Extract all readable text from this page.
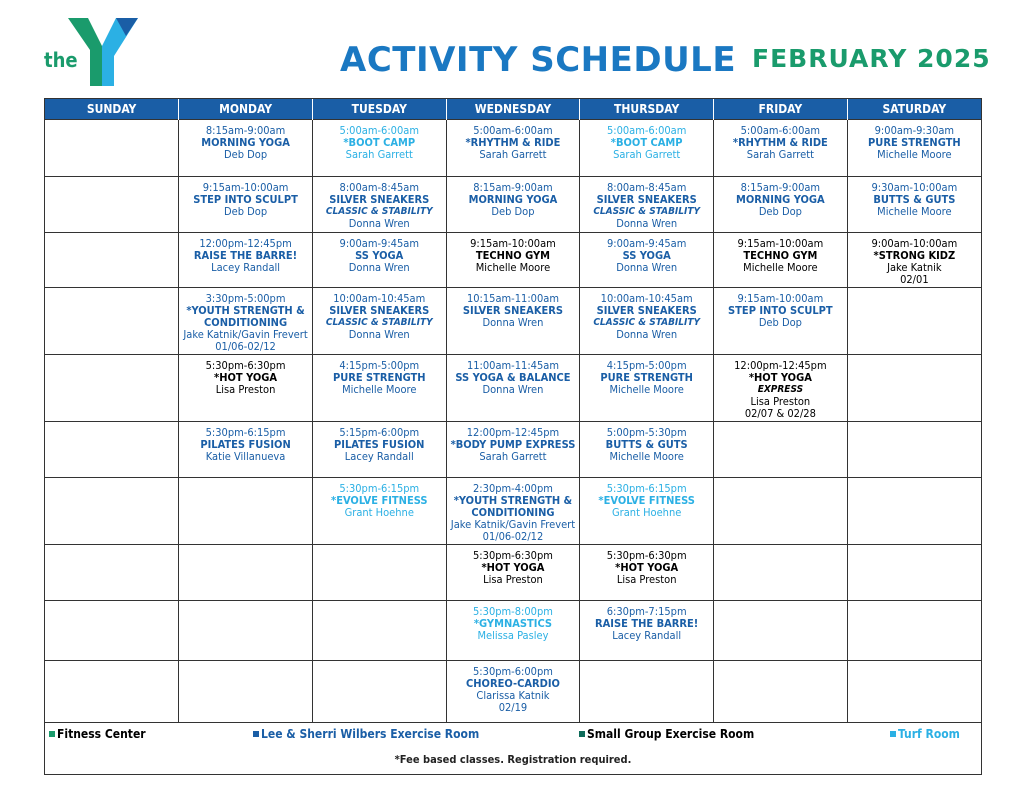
the	YMCA	ACTIVITY SCHEDULE FEBRUARY 2025
SUNDAY	MONDAY	TUESDAY	WEDNESDAY	THURSDAY	FRIDAY	SATURDAY

	8:15am-9:00am
MORNING YOGA
Deb Dop	5:00am-6:00am
*BOOT CAMP
Sarah Garrett	5:00am-6:00am
*RHYTHM & RIDE
Sarah Garrett	5:00am-6:00am
*BOOT CAMP
Sarah Garrett	5:00am-6:00am
*RHYTHM & RIDE
Sarah Garrett	9:00am-9:30am
PURE STRENGTH
Michelle Moore

	9:15am-10:00am
STEP INTO SCULPT
Deb Dop	8:00am-8:45am
SILVER SNEAKERS
CLASSIC & STABILITY
Donna Wren	8:15am-9:00am
MORNING YOGA
Deb Dop	8:00am-8:45am
SILVER SNEAKERS
CLASSIC & STABILITY
Donna Wren	8:15am-9:00am
MORNING YOGA
Deb Dop	9:30am-10:00am
BUTTS & GUTS
Michelle Moore

	12:00pm-12:45pm
RAISE THE BARRE!
Lacey Randall	9:00am-9:45am
SS YOGA
Donna Wren	9:15am-10:00am
TECHNO GYM
Michelle Moore	9:00am-9:45am
SS YOGA
Donna Wren	9:15am-10:00am
TECHNO GYM
Michelle Moore	9:00am-10:00am
*STRONG KIDZ
Jake Katnik
02/01

	3:30pm-5:00pm
*YOUTH STRENGTH & CONDITIONING
Jake Katnik/Gavin Frevert
01/06-02/12	10:00am-10:45am
SILVER SNEAKERS
CLASSIC & STABILITY
Donna Wren	10:15am-11:00am
SILVER SNEAKERS
Donna Wren	10:00am-10:45am
SILVER SNEAKERS
CLASSIC & STABILITY
Donna Wren	9:15am-10:00am
STEP INTO SCULPT
Deb Dop	

	5:30pm-6:30pm
*HOT YOGA
Lisa Preston	4:15pm-5:00pm
PURE STRENGTH
Michelle Moore	11:00am-11:45am
SS YOGA & BALANCE
Donna Wren	4:15pm-5:00pm
PURE STRENGTH
Michelle Moore	12:00pm-12:45pm
*HOT YOGA
EXPRESS
Lisa Preston
02/07 & 02/28	

	5:30pm-6:15pm
PILATES FUSION
Katie Villanueva	5:15pm-6:00pm
PILATES FUSION
Lacey Randall	12:00pm-12:45pm
*BODY PUMP EXPRESS
Sarah Garrett	5:00pm-5:30pm
BUTTS & GUTS
Michelle Moore		

		5:30pm-6:15pm
*EVOLVE FITNESS
Grant Hoehne	2:30pm-4:00pm
*YOUTH STRENGTH & CONDITIONING
Jake Katnik/Gavin Frevert
01/06-02/12	5:30pm-6:15pm
*EVOLVE FITNESS
Grant Hoehne		

			5:30pm-6:30pm
*HOT YOGA
Lisa Preston	5:30pm-6:30pm
*HOT YOGA
Lisa Preston		

			5:30pm-8:00pm
*GYMNASTICS
Melissa Pasley	6:30pm-7:15pm
RAISE THE BARRE!
Lacey Randall		

			5:30pm-6:00pm
CHOREO-CARDIO
Clarissa Katnik
02/19			

Fitness Center	Lee & Sherri Wilbers Exercise Room	Small Group Exercise Room	Turf Room
*Fee based classes. Registration required.
